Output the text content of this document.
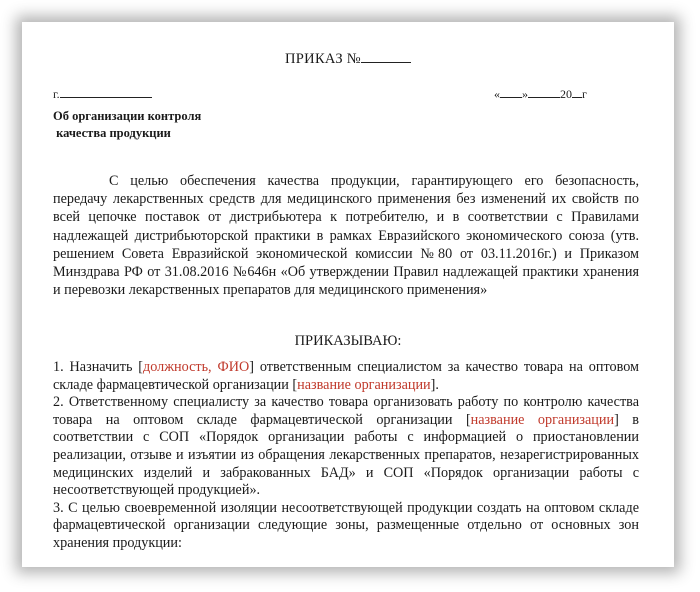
ПРИКАЗ №
г.	« »	20 г
Об организации контроля
качества продукции
С целью обеспечения качества продукции, гарантирующего его безопасность, передачу лекарственных средств для медицинского применения без изменений их свойств по всей цепочке поставок от дистрибьютера к потребителю, и в соответствии с Правилами надлежащей дистрибьюторской практики в рамках Евразийского экономического союза (утв. решением Совета Евразийской экономической комиссии №80 от 03.11.2016г.) и Приказом Минздрава РФ от 31.08.2016 №646н «Об утверждении Правил надлежащей практики хранения и перевозки лекарственных препаратов для медицинского применения»
ПРИКАЗЫВАЮ:

1. Назначить [должность, ФИО] ответственным специалистом за качество товара на оптовом складе фармацевтической организации [название организации].

2. Ответственному специалисту за качество товара организовать работу по контролю качества товара на оптовом складе фармацевтической организации [название организации] в соответствии с СОП «Порядок организации работы с информацией о приостановлении реализации, отзыве и изъятии из обращения лекарственных препаратов, незарегистрированных медицинских изделий и забракованных БАД» и СОП «Порядок организации работы с несоответствующей продукцией».

3. С целью своевременной изоляции несоответствующей продукции создать на оптовом складе фармацевтической организации следующие зоны, размещенные отдельно от основных зон хранения продукции:
